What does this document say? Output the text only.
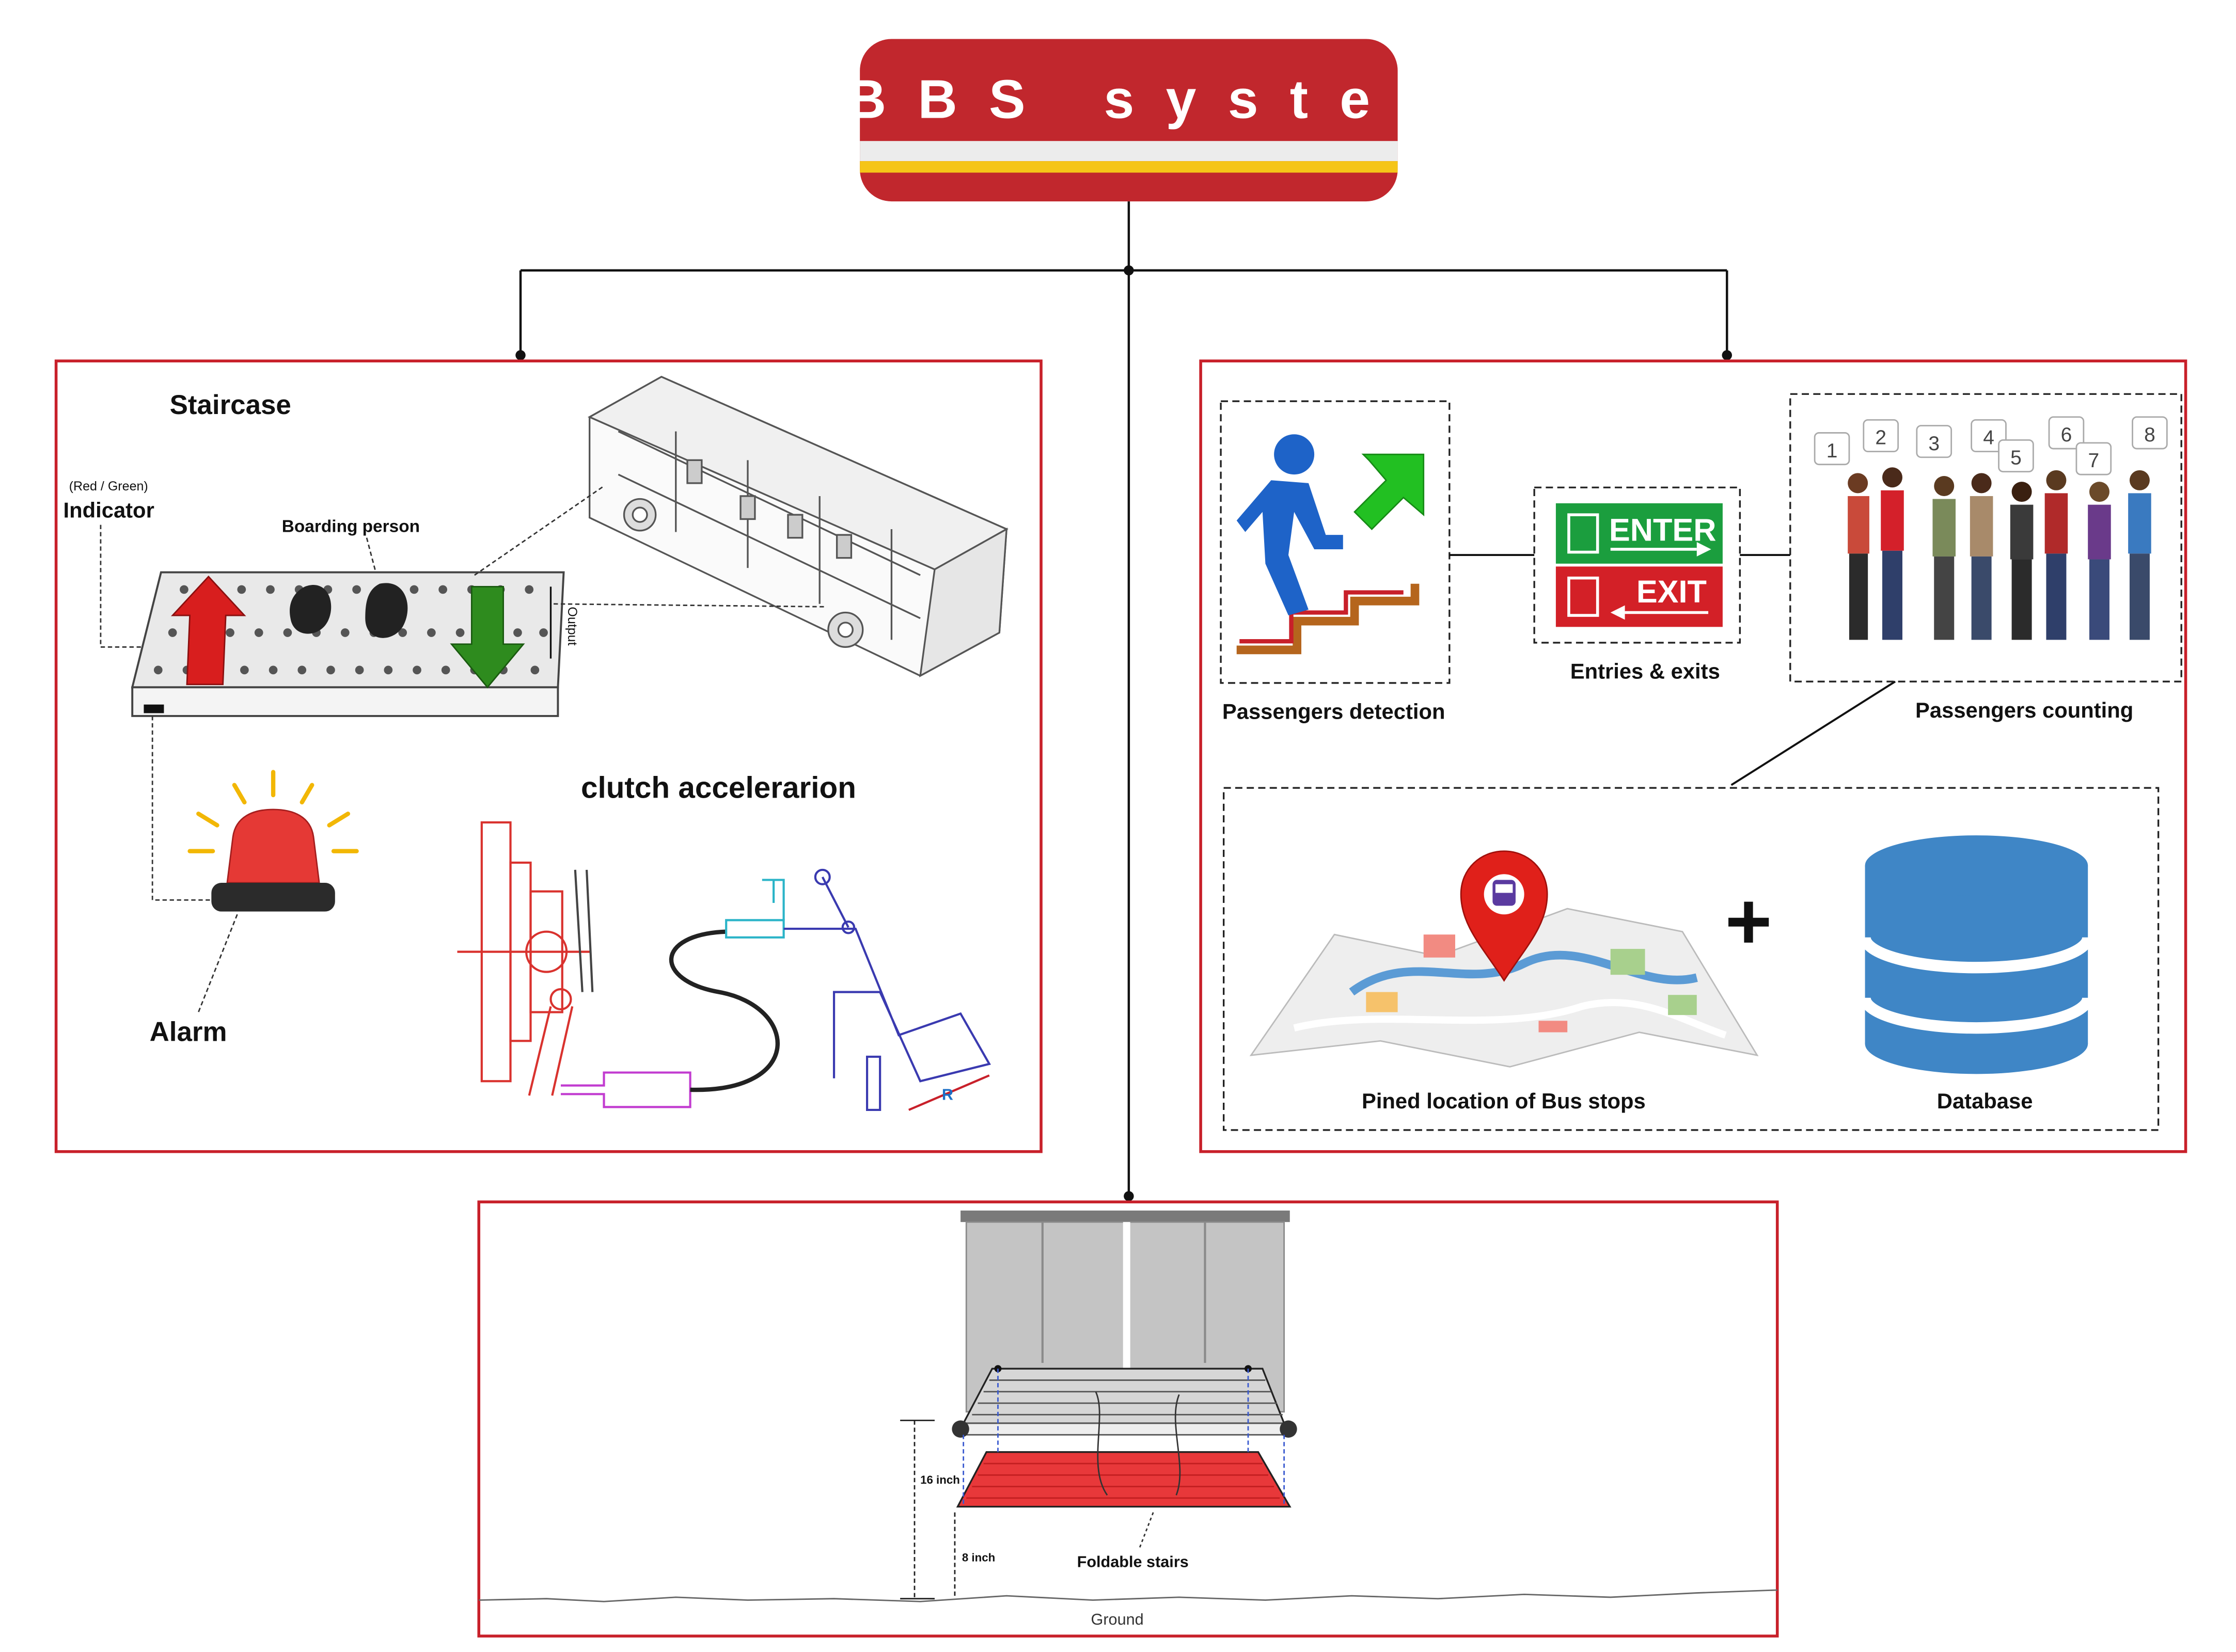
ABBS system
Staircase
(Red / Green)
Indicator
Boarding person
Output
Alarm
clutch accelerarion
R
Passengers detection
ENTER
EXIT
Entries & exits
1
2	3	4
5
6
7
8
Passengers counting
Pined location of Bus stops
+
Database
16 inch
8 inch	Foldable stairs
Ground
